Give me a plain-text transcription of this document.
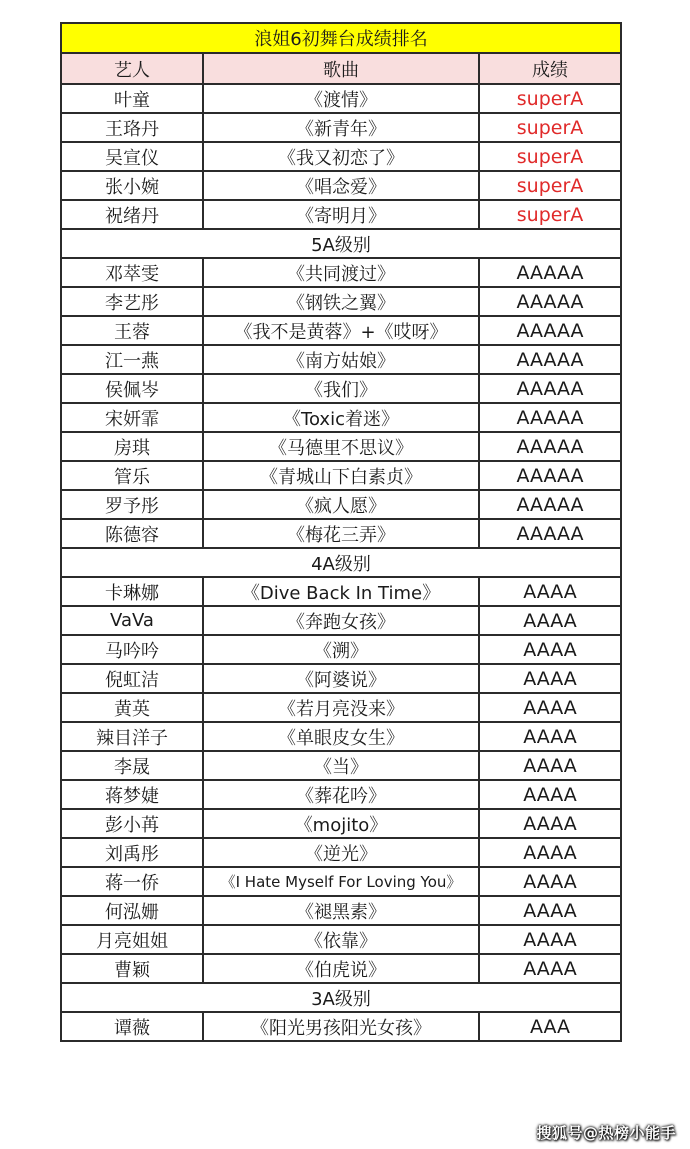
浪姐6初舞台成绩排名		
艺人	歌曲	成绩
叶童	《渡情》	superA
王珞丹	《新青年》	superA
吴宣仪	《我又初恋了》	superA
张小婉	《唱念爱》	superA
祝绪丹	《寄明月》	superA
5A级别		
邓萃雯	《共同渡过》	AAAAA
李艺彤	《钢铁之翼》	AAAAA
王蓉	《我不是黄蓉》+《哎呀》	AAAAA
江一燕	《南方姑娘》	AAAAA
侯佩岑	《我们》	AAAAA
宋妍霏	《Toxic着迷》	AAAAA
房琪	《马德里不思议》	AAAAA
管乐	《青城山下白素贞》	AAAAA
罗予彤	《疯人愿》	AAAAA
陈德容	《梅花三弄》	AAAAA
4A级别		
卡琳娜	《Dive Back In Time》	AAAA
VaVa	《奔跑女孩》	AAAA
马吟吟	《溯》	AAAA
倪虹洁	《阿婆说》	AAAA
黄英	《若月亮没来》	AAAA
辣目洋子	《单眼皮女生》	AAAA
李晟	《当》	AAAA
蒋梦婕	《葬花吟》	AAAA
彭小苒	《mojito》	AAAA
刘禹彤	《逆光》	AAAA
蒋一侨	《I Hate Myself For Loving You》	AAAA
何泓姗	《褪黑素》	AAAA
月亮姐姐	《依靠》	AAAA
曹颖	《伯虎说》	AAAA
3A级别		
谭薇	《阳光男孩阳光女孩》	AAA
搜狐号@热榜小能手
